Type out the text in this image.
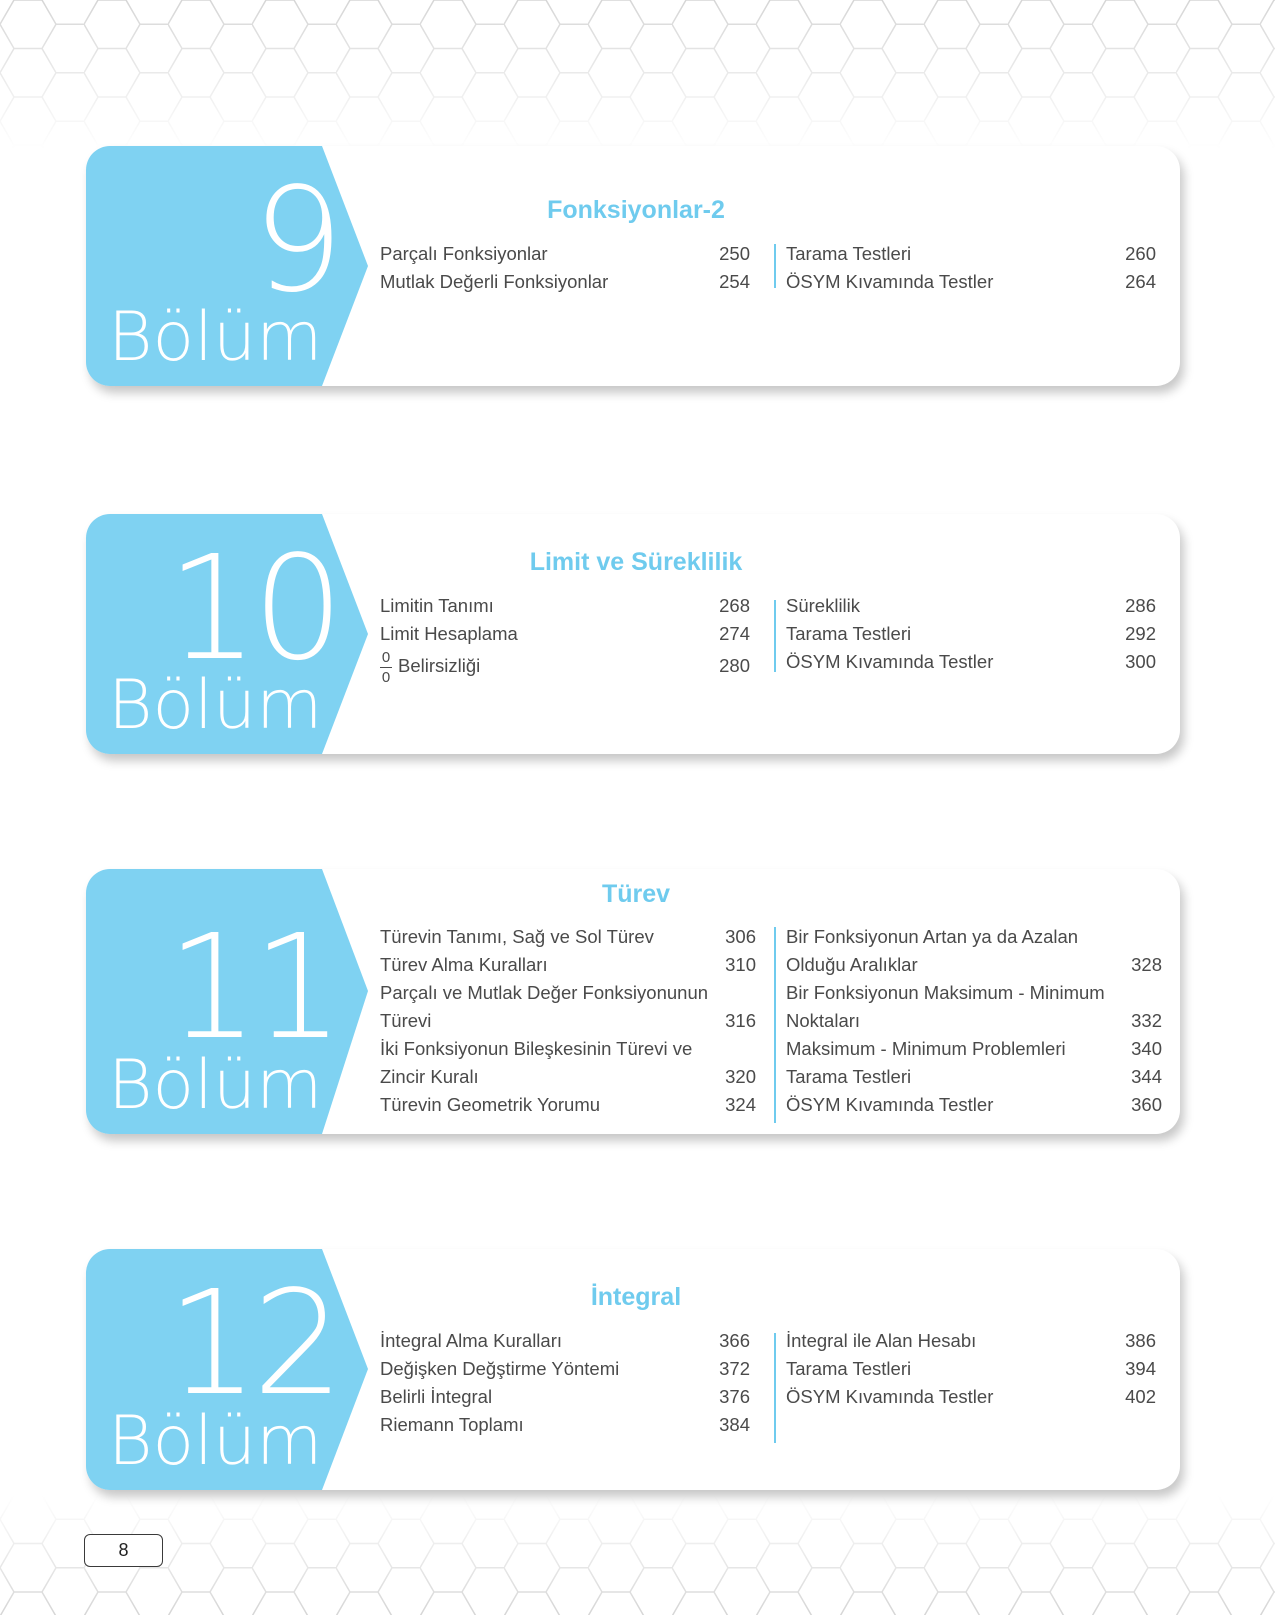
9
Bölüm
Fonksiyonlar-2
Parçalı Fonksiyonlar	250
Mutlak Değerli Fonksiyonlar	254
Tarama Testleri	260
ÖSYM Kıvamında Testler	264
10
Bölüm
Limit ve Süreklilik
Limitin Tanımı	268
Limit Hesaplama	274
$\frac{0}{0}$ Belirsizliği	280
Süreklilik	286
Tarama Testleri	292
ÖSYM Kıvamında Testler	300
11
Bölüm
Türev
Türevin Tanımı, Sağ ve Sol Türev	306
Türev Alma Kuralları	310
Parçalı ve Mutlak Değer Fonksiyonunun
Türevi	316
İki Fonksiyonun Bileşkesinin Türevi ve
Zincir Kuralı	320
Türevin Geometrik Yorumu	324
Bir Fonksiyonun Artan ya da Azalan
Olduğu Aralıklar	328
Bir Fonksiyonun Maksimum - Minimum
Noktaları	332
Maksimum - Minimum Problemleri	340
Tarama Testleri	344
ÖSYM Kıvamında Testler	360
12
Bölüm
İntegral
İntegral Alma Kuralları	366
Değişken Değştirme Yöntemi	372
Belirli İntegral	376
Riemann Toplamı	384
İntegral ile Alan Hesabı	386
Tarama Testleri	394
ÖSYM Kıvamında Testler	402
8
